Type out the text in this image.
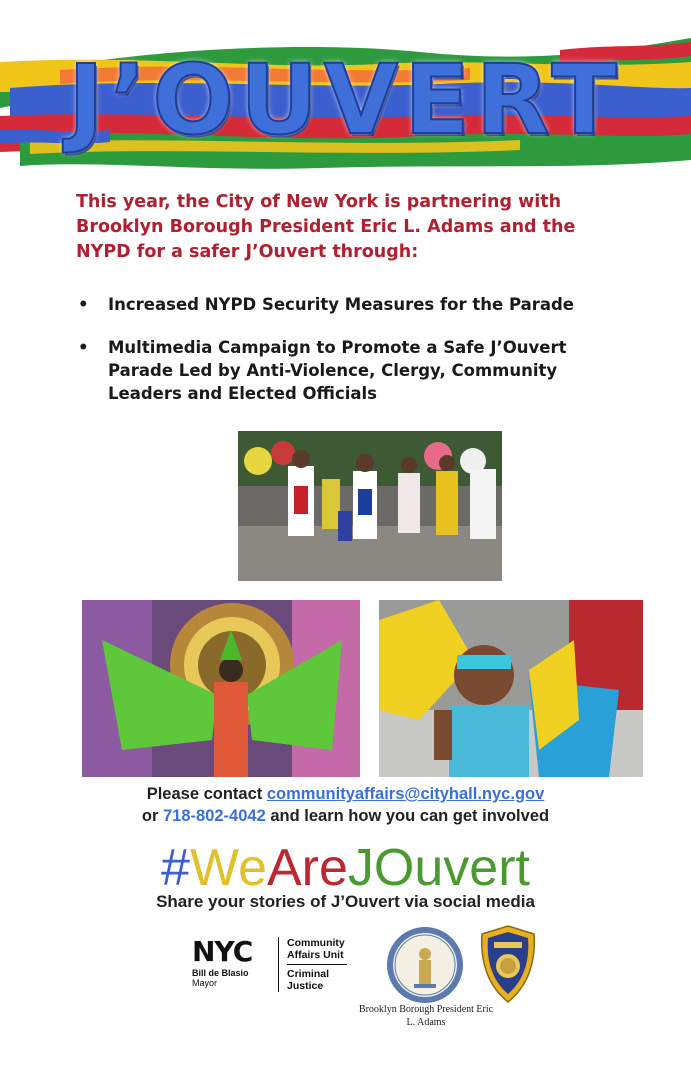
J’OUVERT

This year, the City of New York is partnering with Brooklyn Borough President Eric L. Adams and the NYPD for a safer J’Ouvert through:

• Increased NYPD Security Measures for the Parade
• Multimedia Campaign to Promote a Safe J’Ouvert Parade Led by Anti-Violence, Clergy, Community Leaders and Elected Officials
Please contact communityaffairs@cityhall.nyc.gov
or 718-802-4042 and learn how you can get involved
#WeAreJOuvert
Share your stories of J’Ouvert via social media
NYC
Bill de Blasio
Mayor
Community
Affairs Unit
Criminal
Justice
Brooklyn Borough President Eric L. Adams
